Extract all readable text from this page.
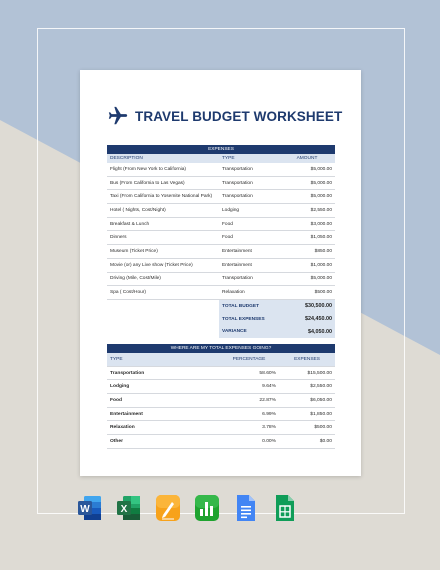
TRAVEL BUDGET WORKSHEET
EXPENSES		
DESCRIPTION	TYPE	AMOUNT
Flight (From New York to California)	Transportation	$5,000.00
Bus (From California to Las Vegas)	Transportation	$5,000.00
Taxi (From California to Yosemite National Park)	Transportation	$5,000.00
Hotel ( Nights, Cost/Night)	Lodging	$2,550.00
Breakfast & Lunch	Food	$3,000.00
Dinners	Food	$1,050.00
Museum (Ticket Price)	Entertainment	$850.00
Movie (or) any Live show (Ticket Price)	Entertainment	$1,000.00
Driving (Mile, Cost/Mile)	Transportation	$5,000.00
Spa ( Cost/Hour)	Relaxation	$500.00
	TOTAL BUDGET	$30,500.00
	TOTAL EXPENSES	$24,450.00
	VARIANCE	$4,050.00
WHERE ARE MY TOTAL EXPENSES GOING?		
TYPE	PERCENTAGE	EXPENSES
Transportation	58.60%	$15,500.00
Lodging	9.64%	$2,550.00
Food	22.87%	$6,050.00
Entertainment	6.99%	$1,850.00
Relaxation	3.78%	$500.00
Other	0.00%	$0.00
W	X
